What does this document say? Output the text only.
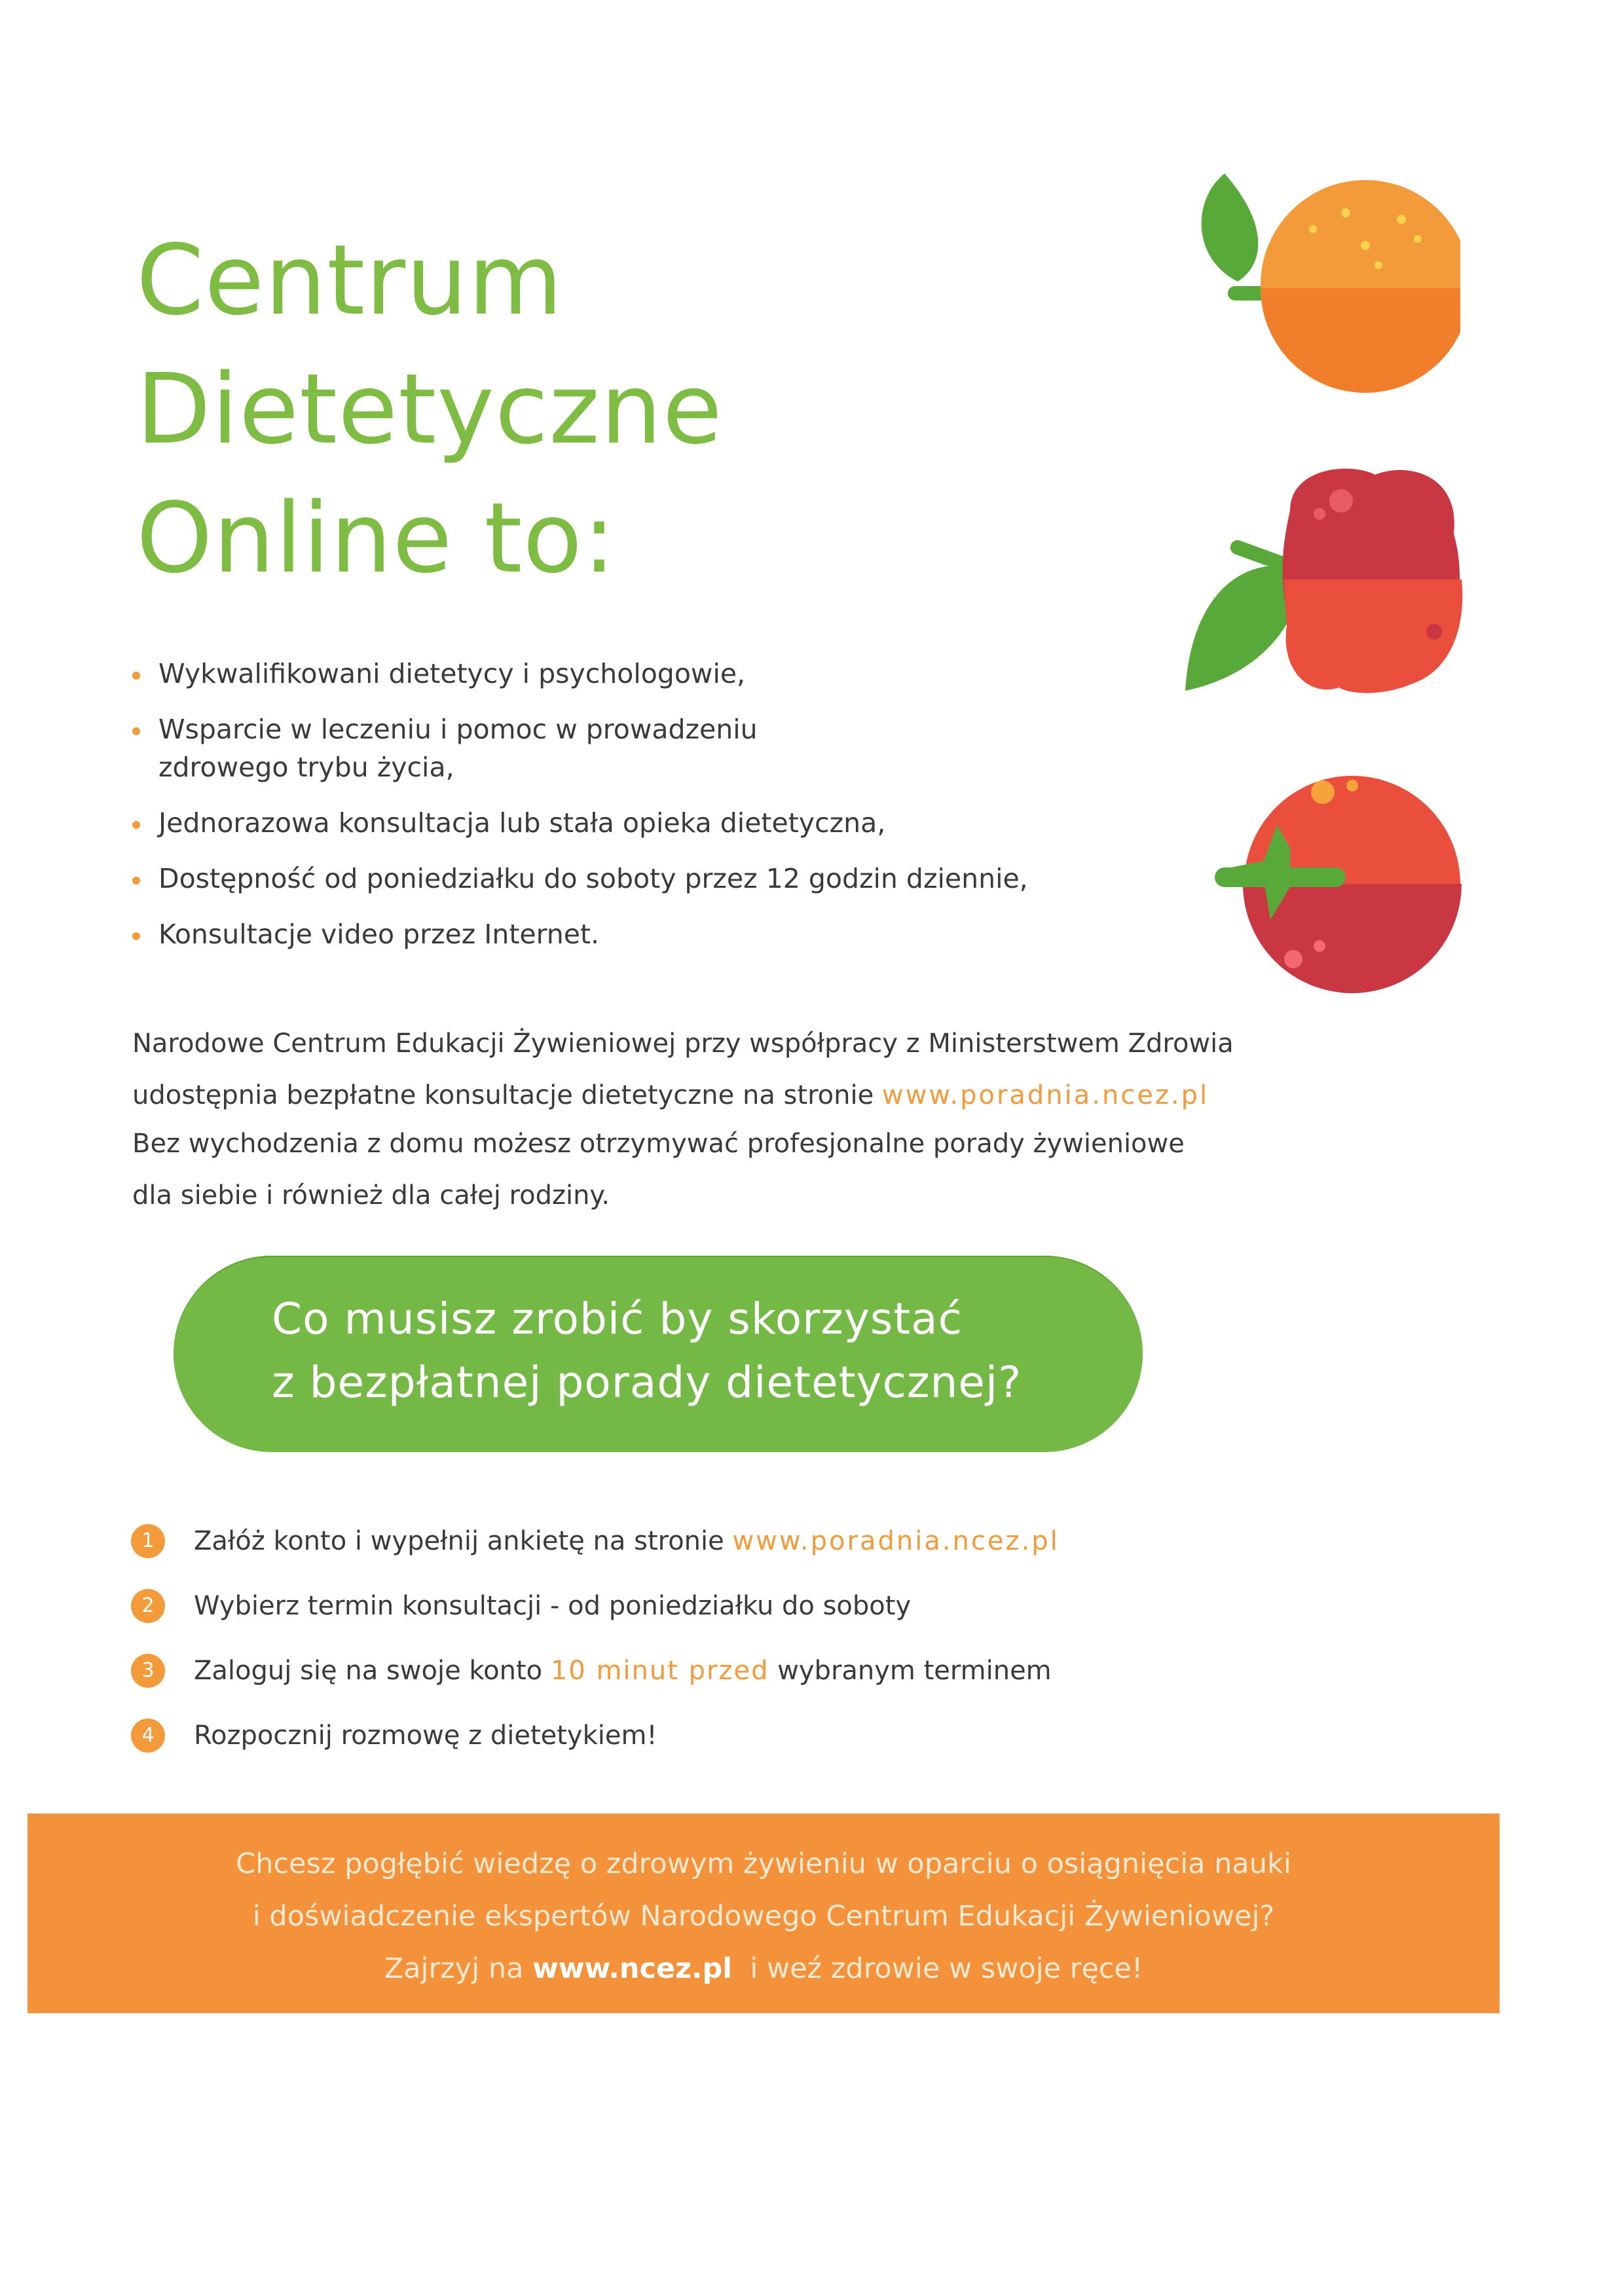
Centrum
Dietetyczne
Online to:
Wykwalifikowani dietetycy i psychologowie,
Wsparcie w leczeniu i pomoc w prowadzeniu
zdrowego trybu życia,
Jednorazowa konsultacja lub stała opieka dietetyczna,
Dostępność od poniedziałku do soboty przez 12 godzin dziennie,
Konsultacje video przez Internet.

Narodowe Centrum Edukacji Żywieniowej przy współpracy z Ministerstwem Zdrowia
udostępnia bezpłatne konsultacje dietetyczne na stronie www.poradnia.ncez.pl
Bez wychodzenia z domu możesz otrzymywać profesjonalne porady żywieniowe
dla siebie i również dla całej rodziny.

Co musisz zrobić by skorzystać
z bezpłatnej porady dietetycznej?

1	Załóż konto i wypełnij ankietę na stronie www.poradnia.ncez.pl
2	Wybierz termin konsultacji - od poniedziałku do soboty
3	Zaloguj się na swoje konto 10 minut przed wybranym terminem
4	Rozpocznij rozmowę z dietetykiem!

Chcesz pogłębić wiedzę o zdrowym żywieniu w oparciu o osiągnięcia nauki
i doświadczenie ekspertów Narodowego Centrum Edukacji Żywieniowej?
Zajrzyj na www.ncez.pl  i weź zdrowie w swoje ręce!
